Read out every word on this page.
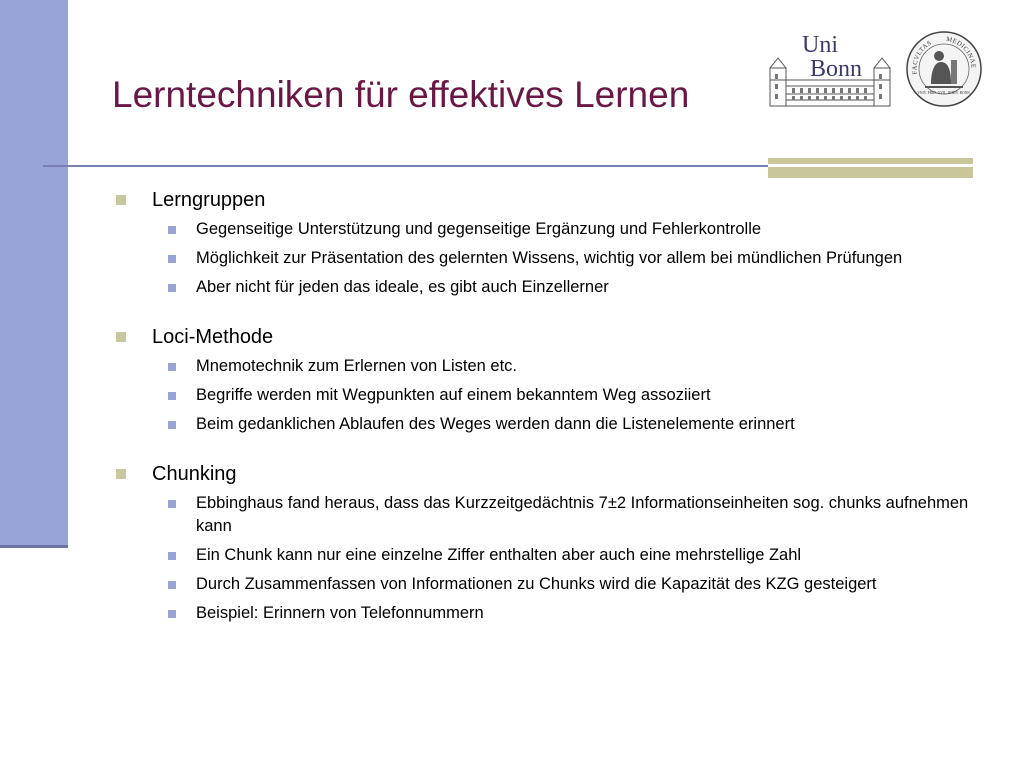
Lerntechniken für effektives Lernen
Uni
Bonn	FACVLTAS MEDICINAE
VNIV. FRID. GVIL. RHEN. BONN.
Lerngruppen
Gegenseitige Unterstützung und gegenseitige Ergänzung und Fehlerkontrolle
Möglichkeit zur Präsentation des gelernten Wissens, wichtig vor allem bei mündlichen Prüfungen
Aber nicht für jeden das ideale, es gibt auch Einzellerner
Loci-Methode
Mnemotechnik zum Erlernen von Listen etc.
Begriffe werden mit Wegpunkten auf einem bekanntem Weg assoziiert
Beim gedanklichen Ablaufen des Weges werden dann die Listenelemente erinnert
Chunking
Ebbinghaus fand heraus, dass das Kurzzeitgedächtnis 7±2 Informationseinheiten sog. chunks aufnehmen kann
Ein Chunk kann nur eine einzelne Ziffer enthalten aber auch eine mehrstellige Zahl
Durch Zusammenfassen von Informationen zu Chunks wird die Kapazität des KZG gesteigert
Beispiel: Erinnern von Telefonnummern
